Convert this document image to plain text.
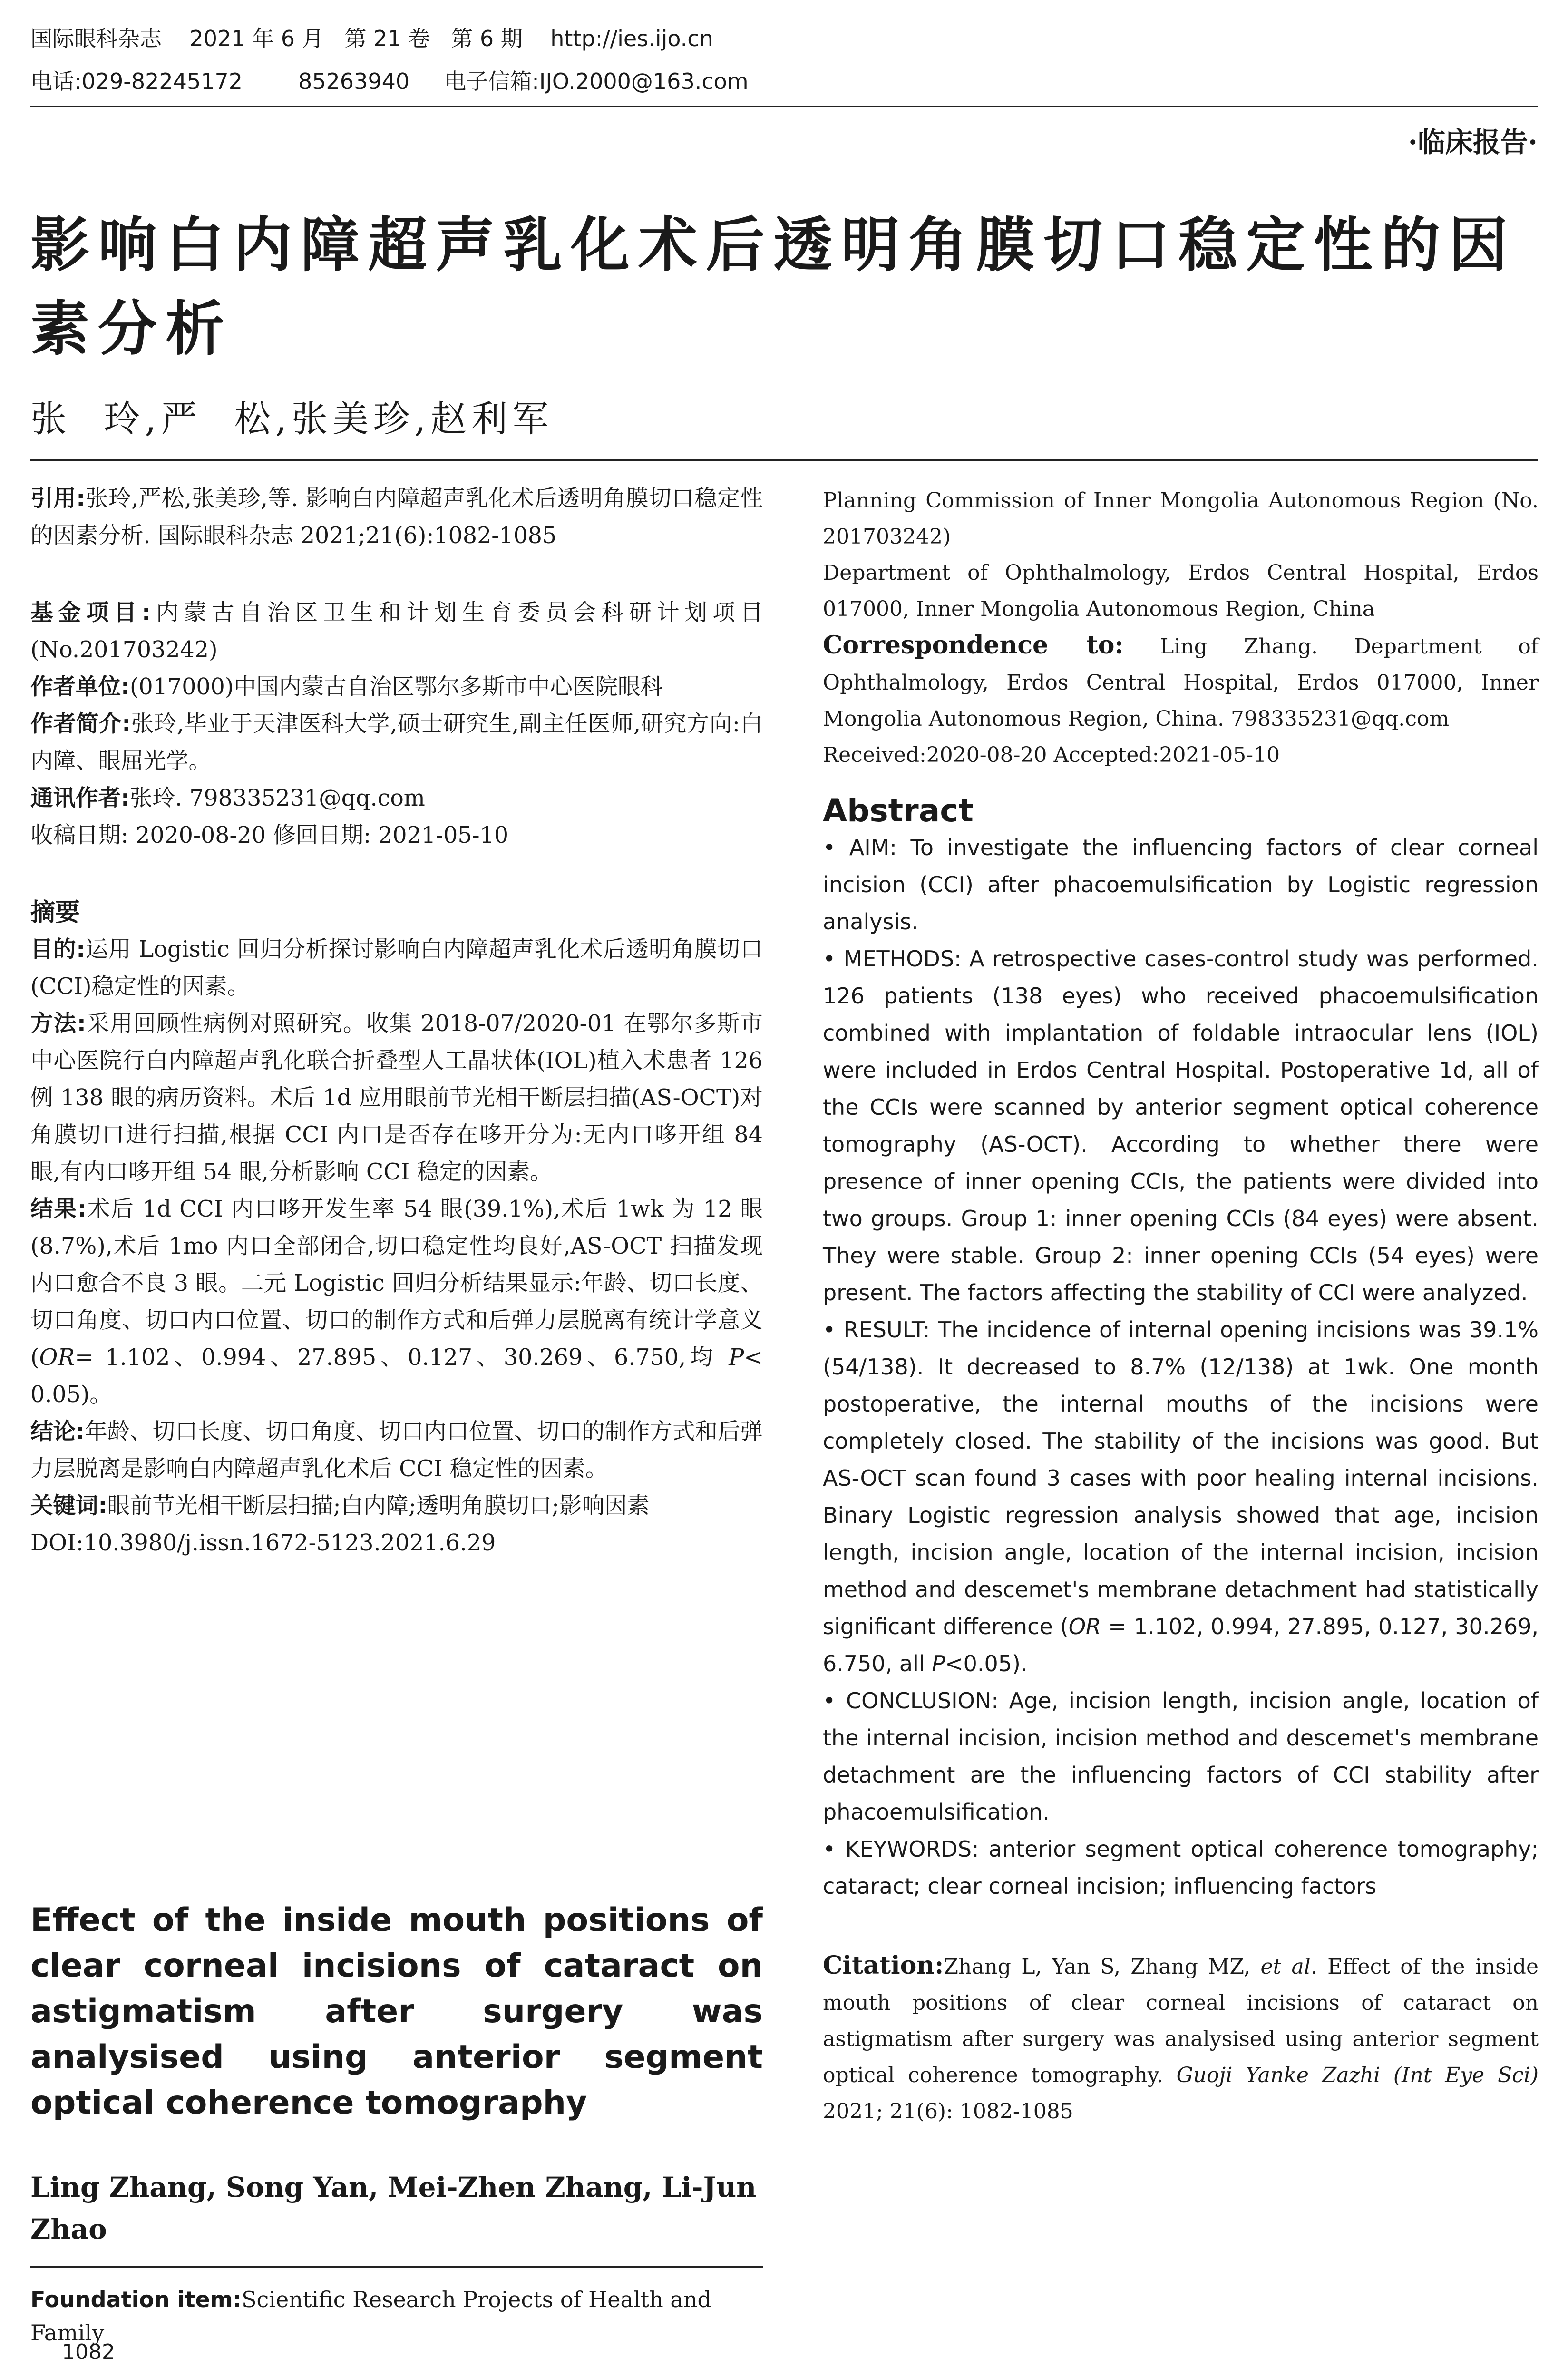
国际眼科杂志    2021 年 6 月   第 21 卷   第 6 期    http://ies.ijo.cn
电话:029-82245172        85263940     电子信箱:IJO.2000@163.com
·临床报告·
影响白内障超声乳化术后透明角膜切口稳定性的因素分析
张  玲,严  松,张美珍,赵利军

引用:张玲,严松,张美珍,等. 影响白内障超声乳化术后透明角膜切口稳定性的因素分析. 国际眼科杂志 2021;21(6):1082-1085

基金项目:内蒙古自治区卫生和计划生育委员会科研计划项目(No.201703242)

作者单位:(017000)中国内蒙古自治区鄂尔多斯市中心医院眼科

作者简介:张玲,毕业于天津医科大学,硕士研究生,副主任医师,研究方向:白内障、眼屈光学。

通讯作者:张玲. 798335231@qq.com

收稿日期: 2020-08-20 修回日期: 2021-05-10

摘要

目的:运用 Logistic 回归分析探讨影响白内障超声乳化术后透明角膜切口(CCI)稳定性的因素。

方法:采用回顾性病例对照研究。收集 2018-07/2020-01 在鄂尔多斯市中心医院行白内障超声乳化联合折叠型人工晶状体(IOL)植入术患者 126 例 138 眼的病历资料。术后 1d 应用眼前节光相干断层扫描(AS-OCT)对角膜切口进行扫描,根据 CCI 内口是否存在哆开分为:无内口哆开组 84 眼,有内口哆开组 54 眼,分析影响 CCI 稳定的因素。

结果:术后 1d CCI 内口哆开发生率 54 眼(39.1%),术后 1wk 为 12 眼(8.7%),术后 1mo 内口全部闭合,切口稳定性均良好,AS-OCT 扫描发现内口愈合不良 3 眼。二元 Logistic 回归分析结果显示:年龄、切口长度、切口角度、切口内口位置、切口的制作方式和后弹力层脱离有统计学意义(OR= 1.102、0.994、27.895、0.127、30.269、6.750,均 P< 0.05)。

结论:年龄、切口长度、切口角度、切口内口位置、切口的制作方式和后弹力层脱离是影响白内障超声乳化术后 CCI 稳定性的因素。

关键词:眼前节光相干断层扫描;白内障;透明角膜切口;影响因素

DOI:10.3980/j.issn.1672-5123.2021.6.29

Effect of the inside mouth positions of clear corneal incisions of cataract on astigmatism after surgery was analysised using anterior segment optical coherence tomography
Ling Zhang, Song Yan, Mei-Zhen Zhang, Li-Jun Zhao
Foundation item:Scientific Research Projects of Health and Family
1082
Planning Commission of Inner Mongolia Autonomous Region (No. 201703242)
Department of Ophthalmology, Erdos Central Hospital, Erdos 017000, Inner Mongolia Autonomous Region, China
Correspondence to: Ling Zhang. Department of Ophthalmology, Erdos Central Hospital, Erdos 017000, Inner Mongolia Autonomous Region, China. 798335231@qq.com
Received:2020-08-20 Accepted:2021-05-10
Abstract
• AIM: To investigate the influencing factors of clear corneal incision (CCI) after phacoemulsification by Logistic regression analysis.
• METHODS: A retrospective cases-control study was performed. 126 patients (138 eyes) who received phacoemulsification combined with implantation of foldable intraocular lens (IOL) were included in Erdos Central Hospital. Postoperative 1d, all of the CCIs were scanned by anterior segment optical coherence tomography (AS-OCT). According to whether there were presence of inner opening CCIs, the patients were divided into two groups. Group 1: inner opening CCIs (84 eyes) were absent. They were stable. Group 2: inner opening CCIs (54 eyes) were present. The factors affecting the stability of CCI were analyzed.
• RESULT: The incidence of internal opening incisions was 39.1% (54/138). It decreased to 8.7% (12/138) at 1wk. One month postoperative, the internal mouths of the incisions were completely closed. The stability of the incisions was good. But AS-OCT scan found 3 cases with poor healing internal incisions. Binary Logistic regression analysis showed that age, incision length, incision angle, location of the internal incision, incision method and descemet's membrane detachment had statistically significant difference (OR = 1.102, 0.994, 27.895, 0.127, 30.269, 6.750, all P<0.05).
• CONCLUSION: Age, incision length, incision angle, location of the internal incision, incision method and descemet's membrane detachment are the influencing factors of CCI stability after phacoemulsification.
• KEYWORDS: anterior segment optical coherence tomography; cataract; clear corneal incision; influencing factors
Citation:Zhang L, Yan S, Zhang MZ, et al. Effect of the inside mouth positions of clear corneal incisions of cataract on astigmatism after surgery was analysised using anterior segment optical coherence tomography. Guoji Yanke Zazhi (Int Eye Sci) 2021; 21(6): 1082-1085
